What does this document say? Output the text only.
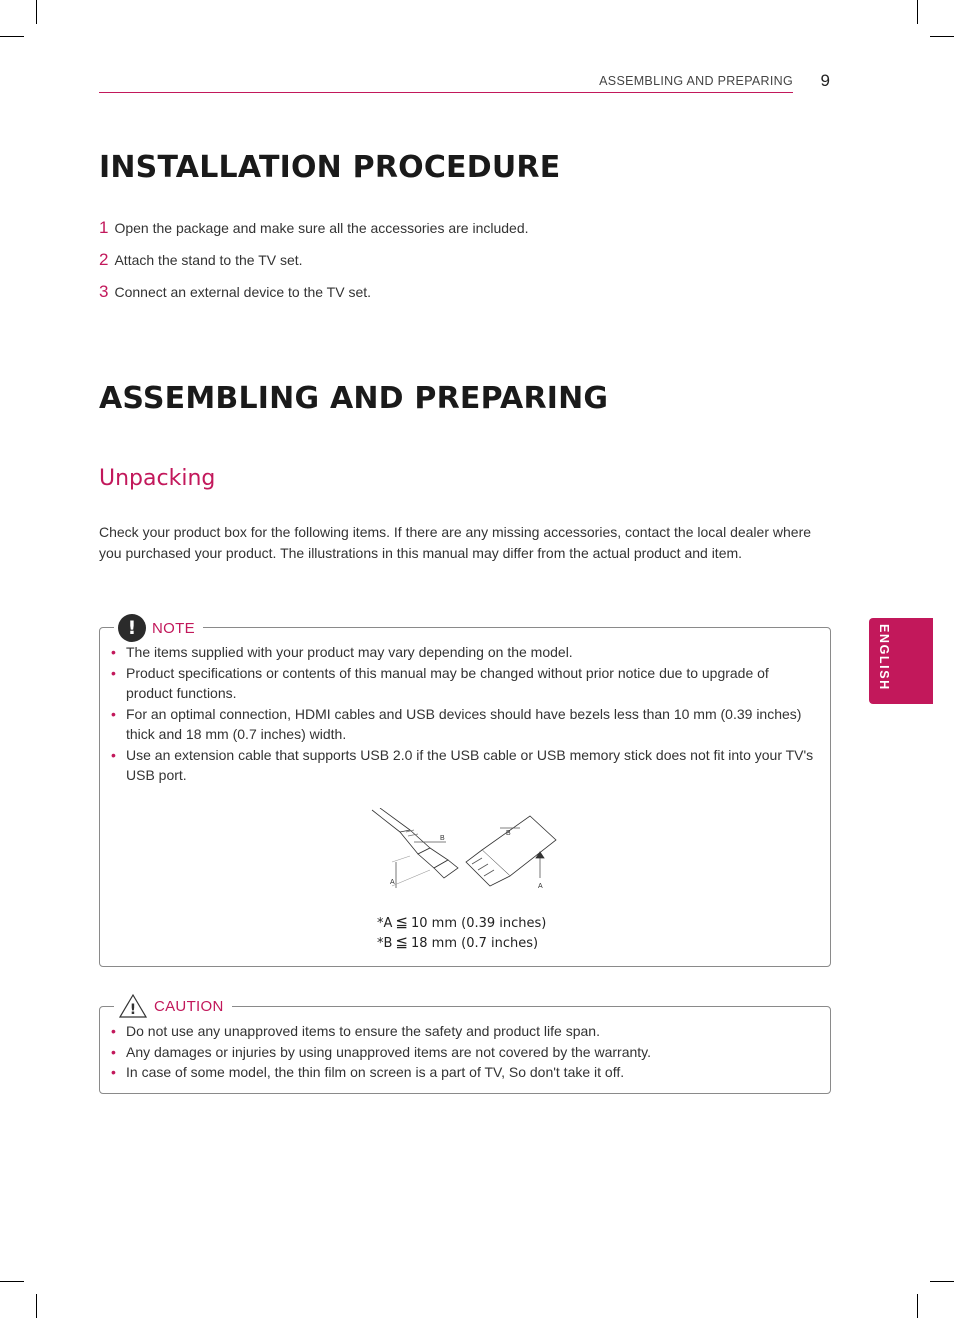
ASSEMBLING AND PREPARING 9
INSTALLATION PROCEDURE
1 Open the package and make sure all the accessories are included.
2 Attach the stand to the TV set.
3 Connect an external device to the TV set.
ASSEMBLING AND PREPARING
Unpacking

Check your product box for the following items. If there are any missing accessories, contact the local dealer where you purchased your product. The illustrations in this manual may differ from the actual product and item.

!	NOTE
• The items supplied with your product may vary depending on the model.
• Product specifications or contents of this manual may be changed without prior notice due to upgrade of product functions.
• For an optimal connection, HDMI cables and USB devices should have bezels less than 10 mm (0.39 inches) thick and 18 mm (0.7 inches) width.
• Use an extension cable that supports USB 2.0 if the USB cable or USB memory stick does not fit into your TV's USB port.
A
B
B
A
*A ≦ 10 mm (0.39 inches)
*B ≦ 18 mm (0.7 inches)
! CAUTION
• Do not use any unapproved items to ensure the safety and product life span.
• Any damages or injuries by using unapproved items are not covered by the warranty.
• In case of some model, the thin film on screen is a part of TV, So don't take it off.
ENGLISH
